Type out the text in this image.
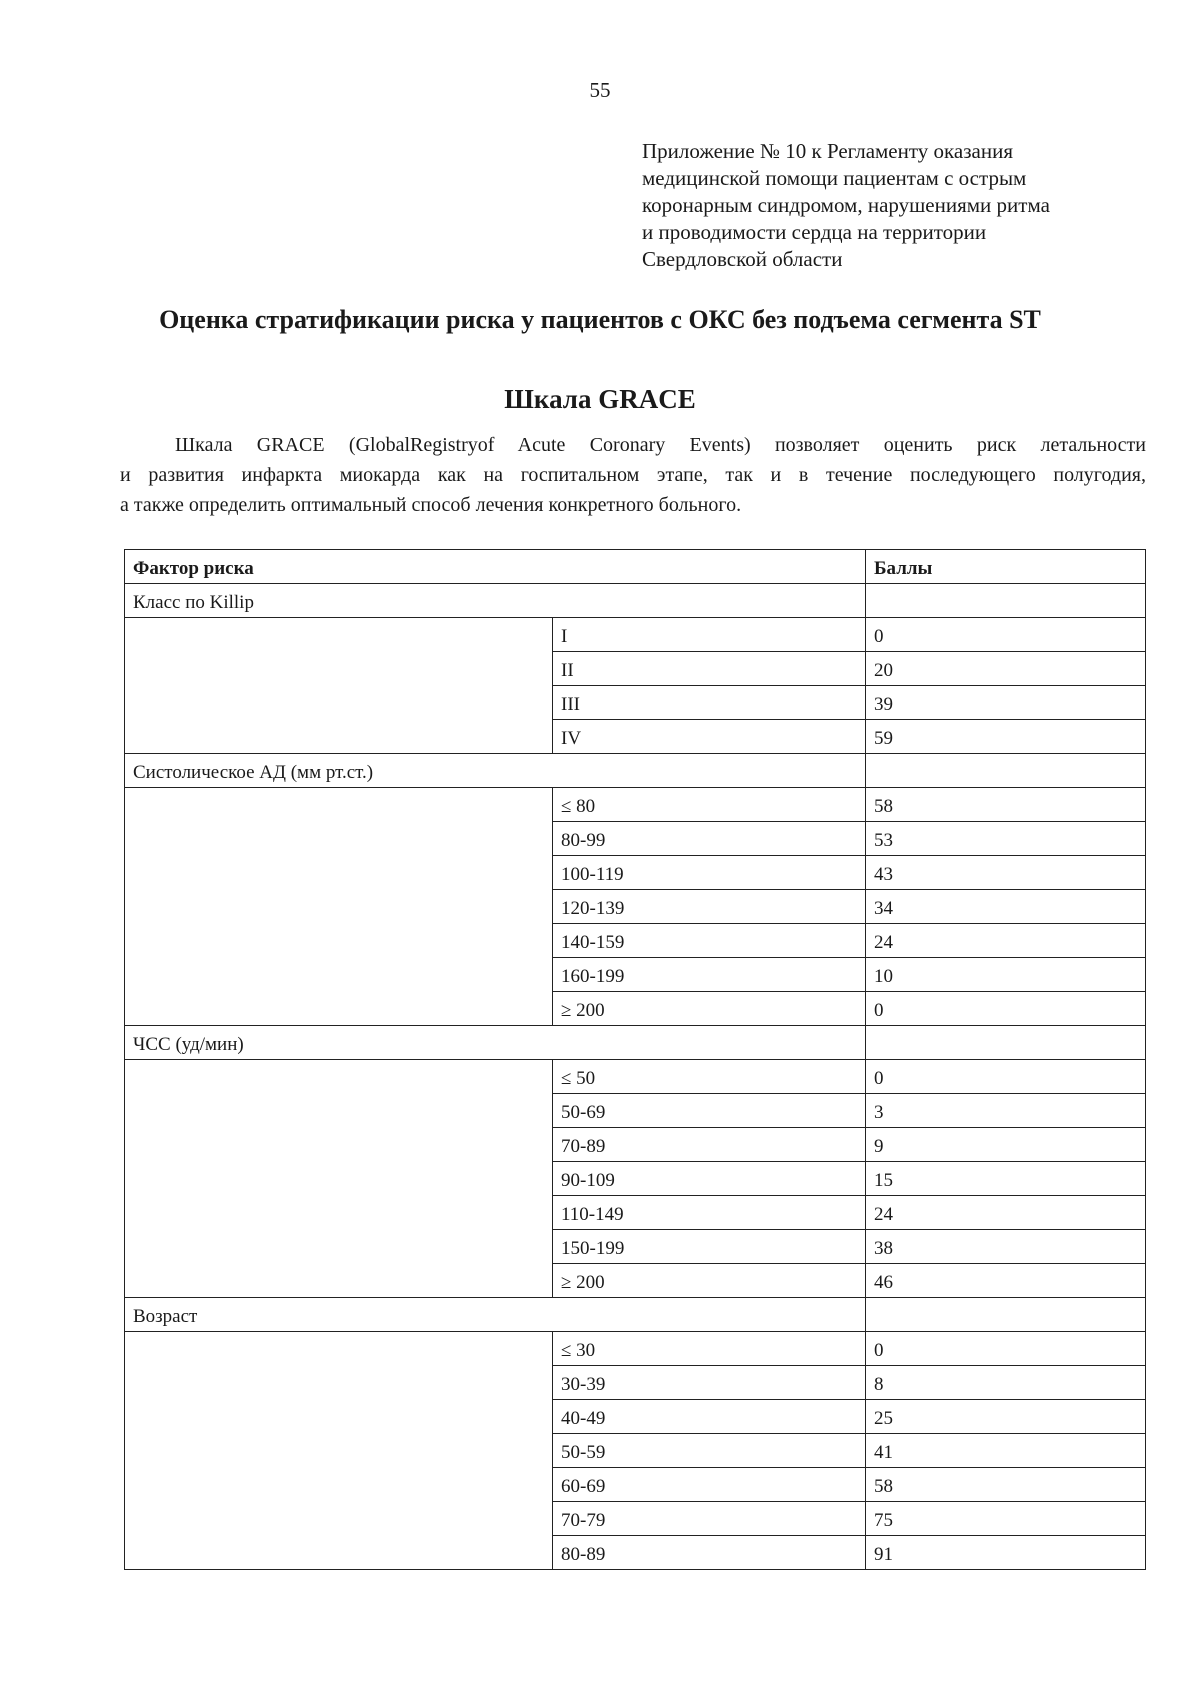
55
Приложение № 10 к Регламенту оказания
медицинской помощи пациентам с острым
коронарным синдромом, нарушениями ритма
и проводимости сердца на территории
Свердловской области
Оценка стратификации риска у пациентов с ОКС без подъема сегмента ST
Шкала GRACE
Шкала GRACE (GlobalRegistryof Acute Coronary Events) позволяет оценить риск летальности
и развития инфаркта миокарда как на госпитальном этапе, так и в течение последующего полугодия,
а также определить оптимальный способ лечения конкретного больного.
Фактор риска		Баллы
Класс по Killip		
	I	0
	II	20
	III	39
	IV	59
Систолическое АД (мм рт.ст.)		
	≤ 80	58
	80-99	53
	100-119	43
	120-139	34
	140-159	24
	160-199	10
	≥ 200	0
ЧСС (уд/мин)		
	≤ 50	0
	50-69	3
	70-89	9
	90-109	15
	110-149	24
	150-199	38
	≥ 200	46
Возраст		
	≤ 30	0
	30-39	8
	40-49	25
	50-59	41
	60-69	58
	70-79	75
	80-89	91
